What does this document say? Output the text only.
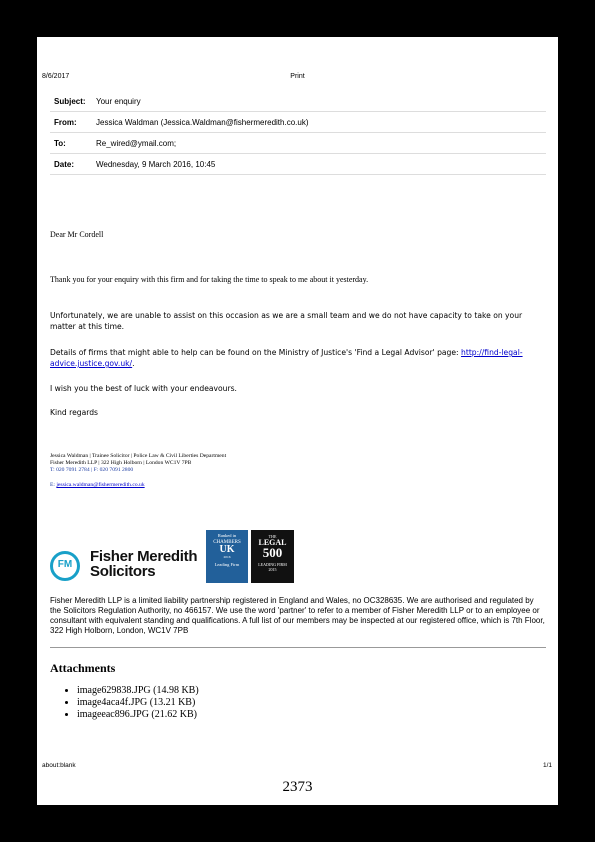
8/6/2017	Print
Subject:	Your enquiry
From:	Jessica Waldman (Jessica.Waldman@fishermeredith.co.uk)
To:	Re_wired@ymail.com;
Date:	Wednesday, 9 March 2016, 10:45
Dear Mr Cordell
Thank you for your enquiry with this firm and for taking the time to speak to me about it yesterday.
Unfortunately, we are unable to assist on this occasion as we are a small team and we do not have capacity to take on your matter at this time.
Details of firms that might able to help can be found on the Ministry of Justice's 'Find a Legal Advisor' page: http://find-legal-advice.justice.gov.uk/.
I wish you the best of luck with your endeavours.
Kind regards
Jessica Waldman | Trainee Solicitor | Police Law & Civil Liberties Department
Fisher Meredith LLP | 322 High Holborn | London WC1V 7PB
T: 020 7091 2784 | F: 020 7091 2800
E: jessica.waldman@fishermeredith.co.uk
FM	Fisher Meredith
Solicitors
Ranked in
CHAMBERS
UK
2016
Leading Firm
THE
LEGAL
500
LEADING FIRM
2015
Fisher Meredith LLP is a limited liability partnership registered in England and Wales, no OC328635. We are authorised and regulated by the Solicitors Regulation Authority, no 466157. We use the word 'partner' to refer to a member of Fisher Meredith LLP or to an employee or consultant with equivalent standing and qualifications. A full list of our members may be inspected at our registered office, which is 7th Floor, 322 High Holborn, London, WC1V 7PB
Attachments
• image629838.JPG (14.98 KB)
• image4aca4f.JPG (13.21 KB)
• imageeac896.JPG (21.62 KB)
about:blank	1/1
2373
